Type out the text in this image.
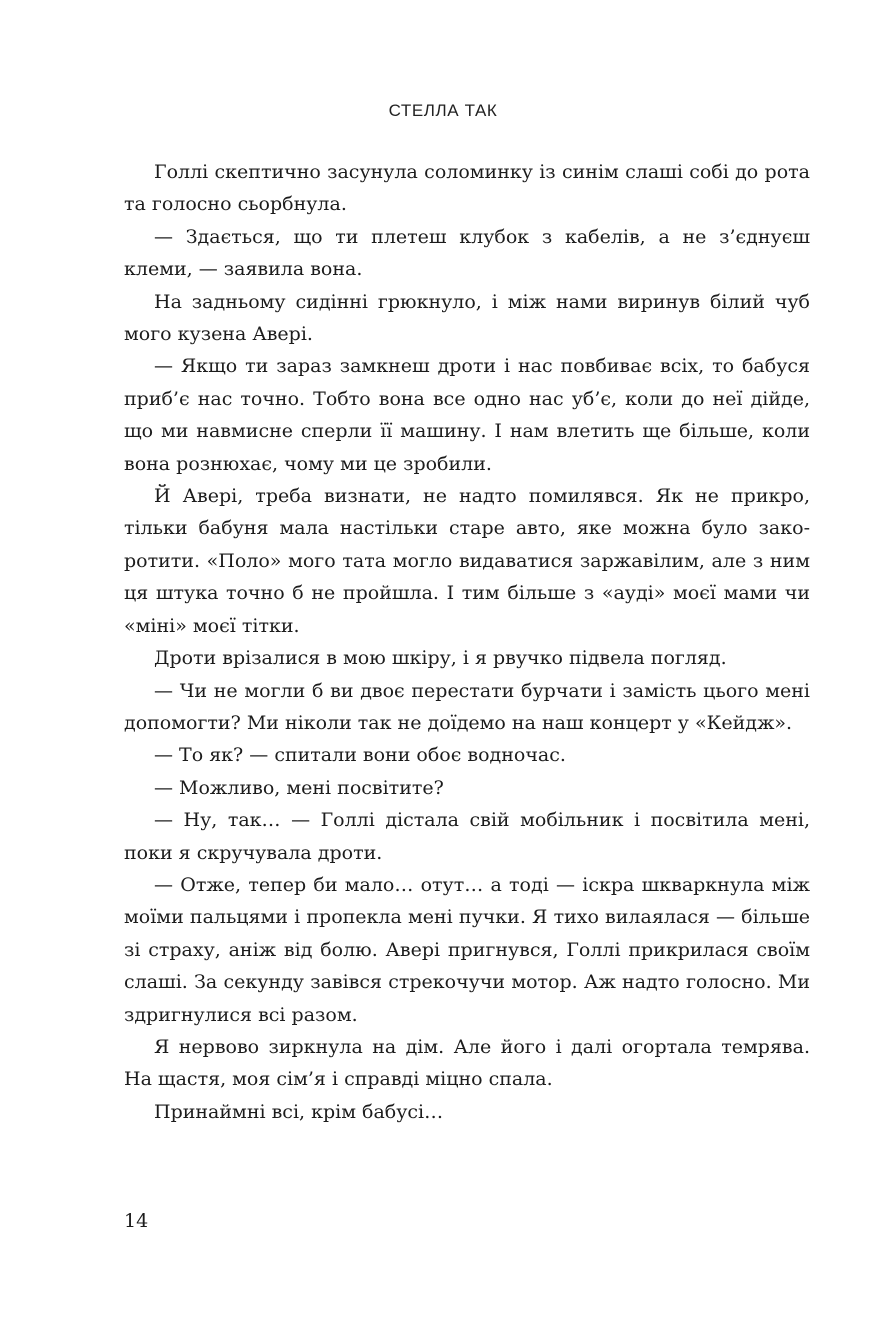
СТЕЛЛА ТАК

Голлі скептично засунула соломинку із синім слаші собі до рота та голосно сьорбнула.

— Здається, що ти плетеш клубок з кабелів, а не з’єднуєш клеми, — заявила вона.

На задньому сидінні грюкнуло, і між нами виринув білий чуб мого кузена Авері.

— Якщо ти зараз замкнеш дроти і нас повбиває всіх, то бабуся приб’є нас точно. Тобто вона все одно нас уб’є, коли до неї дійде, що ми навмисне сперли її машину. І нам влетить ще більше, коли вона рознюхає, чому ми це зробили.

Й Авері, треба визнати, не надто помилявся. Як не прикро, тільки бабуня мала настільки старе авто, яке можна було закоротити. «Поло» мого тата могло видаватися заржавілим, але з ним ця штука точно б не пройшла. І тим більше з «ауді» моєї мами чи «міні» моєї тітки.

Дроти врізалися в мою шкіру, і я рвучко підвела погляд.

— Чи не могли б ви двоє перестати бурчати і замість цього мені допомогти? Ми ніколи так не доїдемо на наш концерт у «Кейдж».

— То як? — спитали вони обоє водночас.

— Можливо, мені посвітите?

— Ну, так… — Голлі дістала свій мобільник і посвітила мені, поки я скручувала дроти.

— Отже, тепер би мало… отут… а тоді — іскра шкваркнула між моїми пальцями і пропекла мені пучки. Я тихо вилаялася — більше зі страху, аніж від болю. Авері пригнувся, Голлі прикрилася своїм слаші. За секунду завівся стрекочучи мотор. Аж надто голосно. Ми здригнулися всі разом.

Я нервово зиркнула на дім. Але його і далі огортала темрява. На щастя, моя сім’я і справді міцно спала.

Принаймні всі, крім бабусі…

14
